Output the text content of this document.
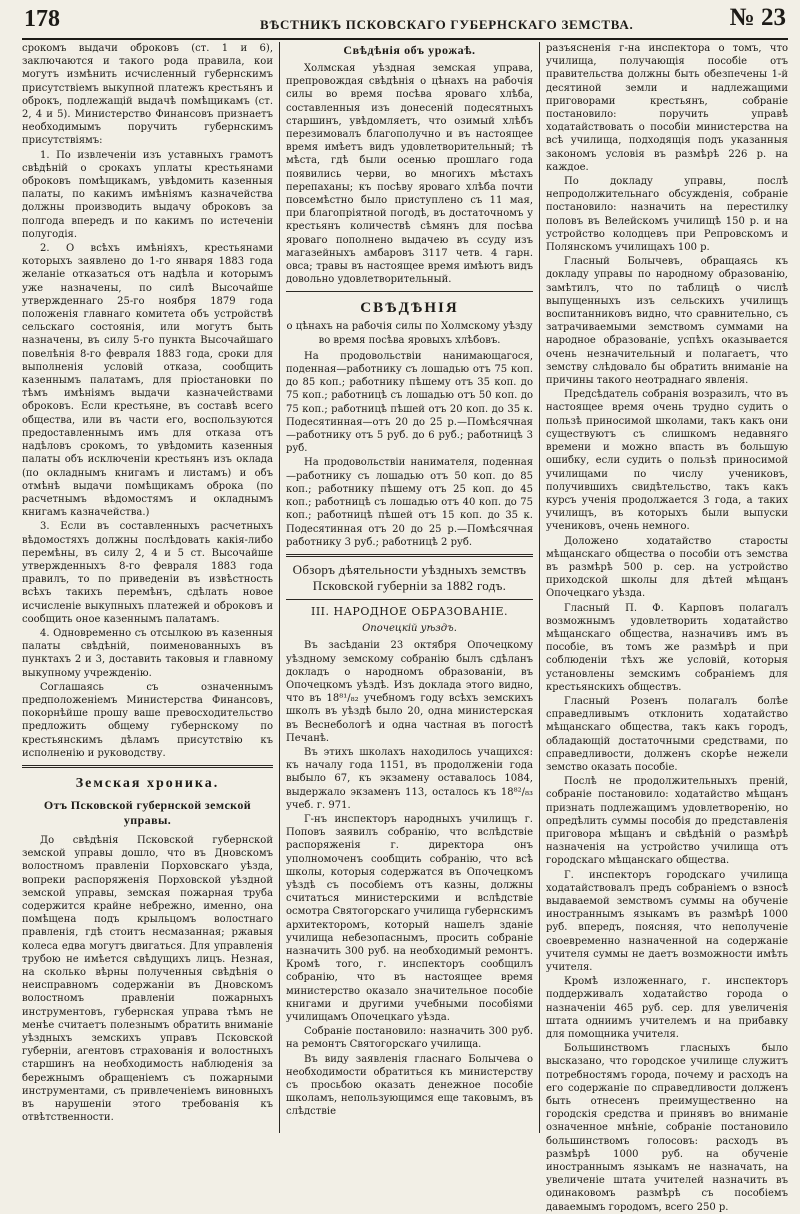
178	ВѢСТНИКЪ ПСКОВСКАГО ГУБЕРНСКАГО ЗЕМСТВА.	№ 23

срокомъ выдачи оброковъ (ст. 1 и 6), заключаются и такого рода правила, кои могутъ измѣнить исчисленный губернскимъ присутствіемъ выкупной платежъ крестьянъ и оброкъ, подлежащій выдачѣ помѣщикамъ (ст. 2, 4 и 5). Министерство Финансовъ признаетъ необходимымъ поручить губернскимъ присутствіямъ:

1. По извлеченіи изъ уставныхъ грамотъ свѣдѣній о срокахъ уплаты крестьянами оброковъ помѣщикамъ, увѣдомить казенныя палаты, по какимъ имѣніямъ казначейства должны производить выдачу оброковъ за полгода впередъ и по какимъ по истеченіи полугодія.

2. О всѣхъ имѣніяхъ, крестьянами которыхъ заявлено до 1-го января 1883 года желаніе отказаться отъ надѣла и которымъ уже назначены, по силѣ Высочайше утвержденнаго 25-го ноября 1879 года положенія главнаго комитета объ устройствѣ сельскаго состоянія, или могутъ быть назначены, въ силу 5-го пункта Высочайшаго повелѣнія 8-го февраля 1883 года, сроки для выполненія условій отказа, сообщить казеннымъ палатамъ, для пріостановки по тѣмъ имѣніямъ выдачи казначействами оброковъ. Если крестьяне, въ составѣ всего общества, или въ части его, воспользуются предоставленнымъ имъ для отказа отъ надѣловъ срокомъ, то увѣдомить казенныя палаты объ исключеніи крестьянъ изъ оклада (по окладнымъ книгамъ и листамъ) и объ отмѣнѣ выдачи помѣщикамъ оброка (по расчетнымъ вѣдомостямъ и окладнымъ книгамъ казначейства.)

3. Если въ составленныхъ расчетныхъ вѣдомостяхъ должны послѣдовать какія-либо перемѣны, въ силу 2, 4 и 5 ст. Высочайше утвержденныхъ 8-го февраля 1883 года правилъ, то по приведеніи въ извѣстность всѣхъ такихъ перемѣнъ, сдѣлать новое исчисленіе выкупныхъ платежей и оброковъ и сообщить оное казеннымъ палатамъ.

4. Одновременно съ отсылкою въ казенныя палаты свѣдѣній, поименованныхъ въ пунктахъ 2 и 3, доставить таковыя и главному выкупному учрежденію.

Соглашаясь съ означеннымъ предположеніемъ Министерства Финансовъ, покорнѣйше прошу ваше превосходительство предложить общему губернскому по крестьянскимъ дѣламъ присутствію къ исполненію и руководству.

Земская хроника.
Отъ Псковской губернской земской управы.

До свѣдѣнія Псковской губернской земской управы дошло, что въ Дновскомъ волостномъ правленіи Порховскаго уѣзда, вопреки распоряженія Порховской уѣздной земской управы, земская пожарная труба содержится крайне небрежно, именно, она помѣщена подъ крыльцомъ волостнаго правленія, гдѣ стоитъ несмазанная; ржавыя колеса едва могутъ двигаться. Для управленія трубою не имѣется свѣдущихъ лицъ. Незная, на сколько вѣрны полученныя свѣдѣнія о неисправномъ содержаніи въ Дновскомъ волостномъ правленіи пожарныхъ инструментовъ, губернская управа тѣмъ не менѣе считаетъ полезнымъ обратить вниманіе уѣздныхъ земскихъ управъ Псковской губерніи, агентовъ страхованія и волостныхъ старшинъ на необходимость наблюденія за бережнымъ обращеніемъ съ пожарными инструментами, съ привлеченіемъ виновныхъ въ нарушеніи этого требованія къ отвѣтственности.

Свѣдѣнія объ урожаѣ.

Холмская уѣздная земская управа, препровождая свѣдѣнія о цѣнахъ на рабочія силы во время посѣва яроваго хлѣба, составленныя изъ донесеній подесятныхъ старшинъ, увѣдомляетъ, что озимый хлѣбъ перезимовалъ благополучно и въ настоящее время имѣетъ видъ удовлетворительный; тѣ мѣста, гдѣ были осенью прошлаго года появились черви, во многихъ мѣстахъ перепаханы; къ посѣву яроваго хлѣба почти повсемѣстно было приступлено съ 11 мая, при благопріятной погодѣ, въ достаточномъ у крестьянъ количествѣ сѣмянъ для посѣва яроваго пополнено выдачею въ ссуду изъ магазейныхъ амбаровъ 3117 четв. 4 гарн. овса; травы въ настоящее время имѣютъ видъ довольно удовлетворительный.

СВѢДѢНІЯ
о цѣнахъ на рабочія силы по Холмскому уѣзду во время посѣва яровыхъ хлѣбовъ.

На продовольствіи нанимающагося, поденная—работнику съ лошадью отъ 75 коп. до 85 коп.; работнику пѣшему отъ 35 коп. до 75 коп.; работницѣ съ лошадью отъ 50 коп. до 75 коп.; работницѣ пѣшей отъ 20 коп. до 35 к. Подесятинная—отъ 20 до 25 р.—Помѣсячная—работнику отъ 5 руб. до 6 руб.; работницѣ 3 руб.

На продовольствіи нанимателя, поденная—работнику съ лошадью отъ 50 коп. до 85 коп.; работнику пѣшему отъ 25 коп. до 45 коп.; работницѣ съ лошадью отъ 40 коп. до 75 коп.; работницѣ пѣшей отъ 15 коп. до 35 к. Подесятинная отъ 20 до 25 р.—Помѣсячная работнику 3 руб.; работницѣ 2 руб.

Обзоръ дѣятельности уѣздныхъ земствъ Псковской губерніи за 1882 годъ.
III. НАРОДНОЕ ОБРАЗОВАНІЕ.
Опочецкій уѣздъ.

Въ засѣданіи 23 октября Опочецкому уѣздному земскому собранію былъ сдѣланъ докладъ о народномъ образованіи, въ Опочецкомъ уѣздѣ. Изъ доклада этого видно, что въ 18⁸¹/₈₂ учебномъ году всѣхъ земскихъ школъ въ уѣздѣ было 20, одна министерская въ Веснебологѣ и одна частная въ погостѣ Печанѣ.

Въ этихъ школахъ находилось учащихся: къ началу года 1151, въ продолженіи года выбыло 67, къ экзамену оставалось 1084, выдержало экзаменъ 113, осталось къ 18⁸²/₈₃ учеб. г. 971.

Г-нъ инспекторъ народныхъ училищъ г. Поповъ заявилъ собранію, что вслѣдствіе распоряженія г. директора онъ уполномоченъ сообщить собранію, что всѣ школы, которыя содержатся въ Опочецкомъ уѣздѣ съ пособіемъ отъ казны, должны считаться министерскими и вслѣдствіе осмотра Святогорскаго училища губернскимъ архитекторомъ, который нашелъ зданіе училища небезопаснымъ, просить собраніе назначить 300 руб. на необходимый ремонтъ. Кромѣ того, г. инспекторъ сообщилъ собранію, что въ настоящее время министерство оказало значительное пособіе книгами и другими учебными пособіями училищамъ Опочецкаго уѣзда.

Собраніе постановило: назначить 300 руб. на ремонтъ Святогорскаго училища.

Въ виду заявленія гласнаго Болычева о необходимости обратиться къ министерству съ просьбою оказать денежное пособіе школамъ, непользующимся еще таковымъ, въ слѣдствіе

разъясненія г-на инспектора о томъ, что училища, получающія пособіе отъ правительства должны быть обезпечены 1-й десятиной земли и надлежащими приговорами крестьянъ, собраніе постановило: поручить управѣ ходатайствовать о пособіи министерства на всѣ училища, подходящія подъ указанныя закономъ условія въ размѣрѣ 226 р. на каждое.

По докладу управы, послѣ непродолжительнаго обсужденія, собраніе постановило: назначить на перестилку половъ въ Велейскомъ училищѣ 150 р. и на устройство колодцевъ при Репровскомъ и Полянскомъ училищахъ 100 р.

Гласный Болычевъ, обращаясь къ докладу управы по народному образованію, замѣтилъ, что по таблицѣ о числѣ выпущенныхъ изъ сельскихъ училищъ воспитанниковъ видно, что сравнительно, съ затрачиваемыми земствомъ суммами на народное образованіе, успѣхъ оказывается очень незначительный и полагаетъ, что земству слѣдовало бы обратить вниманіе на причины такого неотраднаго явленія.

Предсѣдатель собранія возразилъ, что въ настоящее время очень трудно судить о пользѣ приносимой школами, такъ какъ они существуютъ съ слишкомъ недавняго времени и можно впасть въ большую ошибку, если судить о пользѣ приносимой училищами по числу учениковъ, получившихъ свидѣтельство, такъ какъ курсъ ученія продолжается 3 года, а таких училищъ, въ которыхъ были выпуски учениковъ, очень немного.

Доложено ходатайство старосты мѣщанскаго общества о пособіи отъ земства въ размѣрѣ 500 р. сер. на устройство приходской школы для дѣтей мѣщанъ Опочецкаго уѣзда.

Гласный П. Ф. Карповъ полагалъ возможнымъ удовлетворить ходатайство мѣщанскаго общества, назначивъ имъ въ пособіе, въ томъ же размѣрѣ и при соблюденіи тѣхъ же условій, которыя установлены земскимъ собраніемъ для крестьянскихъ обществъ.

Гласный Розенъ полагалъ болѣе справедливымъ отклонить ходатайство мѣщанскаго общества, такъ какъ городъ, обладающій достаточными средствами, по справедливости, долженъ скорѣе нежели земство оказать пособіе.

Послѣ не продолжительныхъ преній, собраніе постановило: ходатайство мѣщанъ признать подлежащимъ удовлетворенію, но опредѣлить суммы пособія до представленія приговора мѣщанъ и свѣдѣній о размѣрѣ назначенія на устройство училища отъ городскаго мѣщанскаго общества.

Г. инспекторъ городскаго училища ходатайствовалъ предъ собраніемъ о взносѣ выдаваемой земствомъ суммы на обученіе иностраннымъ языкамъ въ размѣрѣ 1000 руб. впередъ, поясняя, что неполученіе своевременно назначенной на содержаніе учителя суммы не даетъ возможности имѣть учителя.

Кромѣ изложеннаго, г. инспекторъ поддерживалъ ходатайство города о назначеніи 465 руб. сер. для увеличенія штата одниимъ учителемъ и на прибавку для помощника учителя.

Большинствомъ гласныхъ было высказано, что городское училище служитъ потребностямъ города, почему и расходъ на его содержаніе по справедливости долженъ быть отнесенъ преимущественно на городскія средства и принявъ во вниманіе означенное мнѣніе, собраніе постановило большинствомъ голосовъ: расходъ въ размѣрѣ 1000 руб. на обученіе иностраннымъ языкамъ не назначать, на увеличеніе штата учителей назначить въ одинаковомъ размѣрѣ съ пособіемъ даваемымъ городомъ, всего 250 р.
